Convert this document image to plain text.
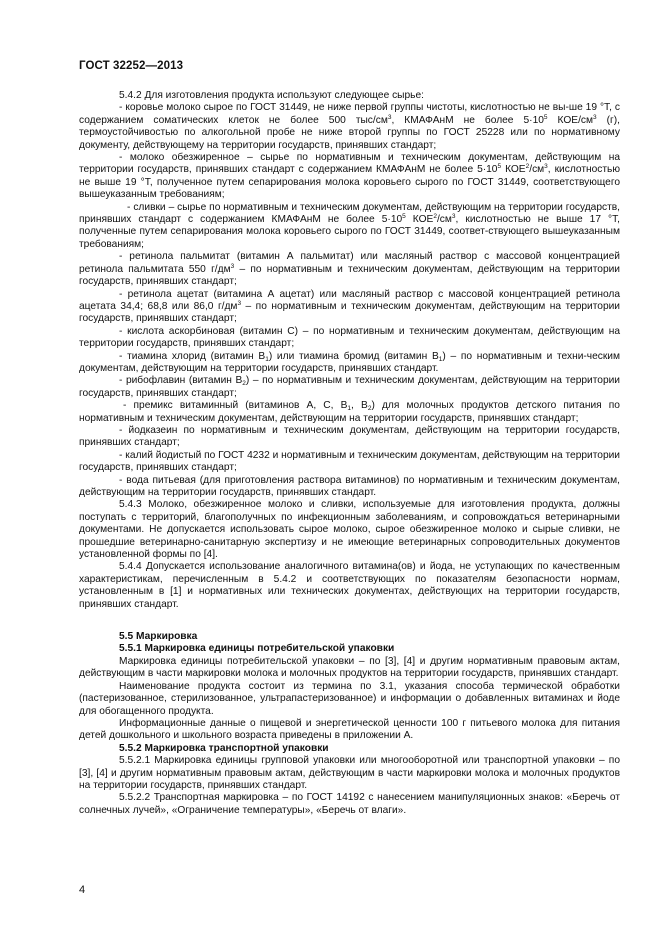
ГОСТ 32252—2013

5.4.2 Для изготовления продукта используют следующее сырье:

- коровье молоко сырое по ГОСТ 31449, не ниже первой группы чистоты, кислотностью не вы-ше 19 °Т, с содержанием соматических клеток не более 500 тыс/$см^3$, КМАФАнМ не более $5\cdot 10^5$ КОЕ/$см^3$ (г), термоустойчивостью по алкогольной пробе не ниже второй группы по ГОСТ 25228 или по нормативному документу, действующему на территории государств, принявших стандарт;

- молоко обезжиренное – сырье по нормативным и техническим документам, действующим на территории государств, принявших стандарт с содержанием КМАФАнМ не более $5\cdot 10^5$ $КОЕ^2/см^3$, кислотностью не выше 19 °Т, полученное путем сепарирования молока коровьего сырого по ГОСТ 31449, соответствующего вышеуказанным требованиям;

- сливки – сырье по нормативным и техническим документам, действующим на территории государств, принявших стандарт с содержанием КМАФАнМ не более $5\cdot 10^5$ $КОЕ^2/см^3$, кислотностью не выше 17 °Т, полученные путем сепарирования молока коровьего сырого по ГОСТ 31449, соответ-ствующего вышеуказанным требованиям;

- ретинола пальмитат (витамин А пальмитат) или масляный раствор с массовой концентрацией ретинола пальмитата 550 $г/дм^3$ – по нормативным и техническим документам, действующим на территории государств, принявших стандарт;

- ретинола ацетат (витамина А ацетат) или масляный раствор с массовой концентрацией ретинола ацетата 34,4; 68,8 или 86,0 $г/дм^3$ – по нормативным и техническим документам, действующим на территории государств, принявших стандарт;

- кислота аскорбиновая (витамин С) – по нормативным и техническим документам, действующим на территории государств, принявших стандарт;

- тиамина хлорид (витамин $В_1$) или тиамина бромид (витамин $В_1$) – по нормативным и техни-ческим документам, действующим на территории государств, принявших стандарт.

- рибофлавин (витамин $В_2$) – по нормативным и техническим документам, действующим на территории государств, принявших стандарт;

- премикс витаминный (витаминов А, С, $В_1$, $В_2$) для молочных продуктов детского питания по нормативным и техническим документам, действующим на территории государств, принявших стандарт;

- йодказеин по нормативным и техническим документам, действующим на территории государств, принявших стандарт;

- калий йодистый по ГОСТ 4232 и нормативным и техническим документам, действующим на территории государств, принявших стандарт;

- вода питьевая (для приготовления раствора витаминов) по нормативным и техническим документам, действующим на территории государств, принявших стандарт.

5.4.3 Молоко, обезжиренное молоко и сливки, используемые для изготовления продукта, должны поступать с территорий, благополучных по инфекционным заболеваниям, и сопровождаться ветеринарными документами. Не допускается использовать сырое молоко, сырое обезжиренное молоко и сырые сливки, не прошедшие ветеринарно-санитарную экспертизу и не имеющие ветеринарных сопроводительных документов установленной формы по [4].

5.4.4 Допускается использование аналогичного витамина(ов) и йода, не уступающих по качественным характеристикам, перечисленным в 5.4.2 и соответствующих по показателям безопасности нормам, установленным в [1] и нормативных или технических документах, действующих на территории государств, принявших стандарт.

5.5 Маркировка
5.5.1 Маркировка единицы потребительской упаковки

Маркировка единицы потребительской упаковки – по [3], [4] и другим нормативным правовым актам, действующим в части маркировки молока и молочных продуктов на территории государств, принявших стандарт.

Наименование продукта состоит из термина по 3.1, указания способа термической обработки (пастеризованное, стерилизованное, ультрапастеризованное) и информации о добавленных витаминах и йоде для обогащенного продукта.

Информационные данные о пищевой и энергетической ценности 100 г питьевого молока для питания детей дошкольного и школьного возраста приведены в приложении А.

5.5.2 Маркировка транспортной упаковки

5.5.2.1 Маркировка единицы групповой упаковки или многооборотной или транспортной упаковки – по [3], [4] и другим нормативным правовым актам, действующим в части маркировки молока и молочных продуктов на территории государств, принявших стандарт.

5.5.2.2 Транспортная маркировка – по ГОСТ 14192 с нанесением манипуляционных знаков: «Беречь от солнечных лучей», «Ограничение температуры», «Беречь от влаги».

4
